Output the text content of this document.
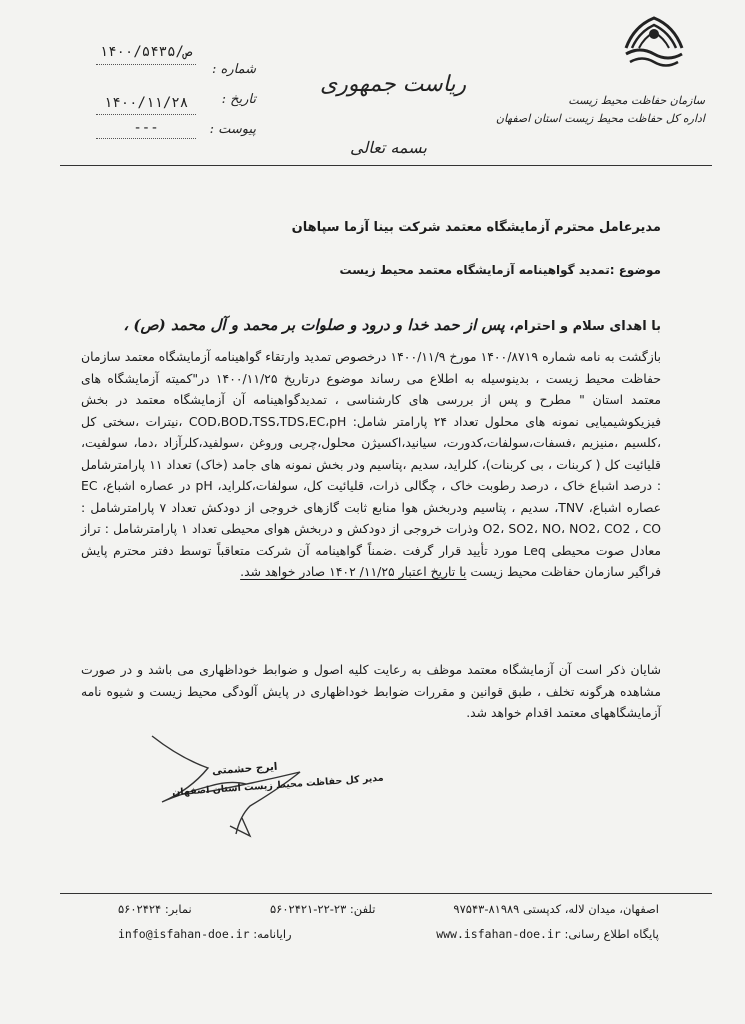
سازمان حفاظت محیط زیست
اداره کل حفاظت محیط زیست استان اصفهان
ریاست جمهوری
بسمه تعالی
شماره :
ص/۱۴۰۰/۵۴۳۵
تاریخ :
۱۴۰۰/۱۱/۲۸
پیوست :
---
مدیرعامل محترم آزمایشگاه معتمد شرکت بینا آزما سپاهان
موضوع :تمدید گواهینامه آزمایشگاه معتمد محیط زیست
با اهدای سلام و احترام، پس از حمد خدا و درود و صلوات بر محمد و آل محمد (ص) ،
بازگشت به نامه شماره ۱۴۰۰/۸۷۱۹ مورخ ۱۴۰۰/۱۱/۹ درخصوص تمدید وارتقاء گواهینامه آزمایشگاه معتمد سازمان حفاظت محیط زیست ، بدینوسیله به اطلاع می رساند موضوع درتاریخ ۱۴۰۰/۱۱/۲۵ در"کمیته آزمایشگاه های معتمد استان " مطرح و پس از بررسی های کارشناسی ، تمدیدگواهینامه آن آزمایشگاه معتمد در بخش فیزیکوشیمیایی نمونه های محلول تعداد ۲۴ پارامتر شامل: COD،BOD،TSS،TDS،EC،pH ،نیترات ،سختی کل ،کلسیم ،منیزیم ،فسفات،سولفات،کدورت، سیانید،اکسیژن محلول،چربی وروغن ،سولفید،کلرآزاد ،دما، سولفیت، قلیائیت کل ( کربنات ، بی کربنات)، کلراید، سدیم ،پتاسیم ودر بخش نمونه های جامد (خاک) تعداد ۱۱ پارامترشامل : درصد اشباع خاک ، درصد رطوبت خاک ، چگالی ذرات، قلیائیت کل، سولفات،کلراید، pH در عصاره اشباع، EC عصاره اشباع، TNV، سدیم ، پتاسیم ودربخش هوا منابع ثابت گازهای خروجی از دودکش تعداد ۷ پارامترشامل : O2، SO2، NO، NO2، CO2 ، CO وذرات خروجی از دودکش و دربخش هوای محیطی تعداد ۱ پارامترشامل : تراز معادل صوت محیطی Leq مورد تأیید قرار گرفت .ضمناً گواهینامه آن شرکت متعاقباً توسط دفتر محترم پایش فراگیر سازمان حفاظت محیط زیست با تاریخ اعتبار ۱۱/۲۵/ ۱۴۰۲ صادر خواهد شد.
شایان ذکر است آن آزمایشگاه معتمد موظف به رعایت کلیه اصول و ضوابط خوداظهاری می باشد و در صورت مشاهده هرگونه تخلف ، طبق قوانین و مقررات ضوابط خوداظهاری در پایش آلودگی محیط زیست و شیوه نامه آزمایشگاههای معتمد اقدام خواهد شد.
ایرج حشمتی
مدیر کل حفاظت محیط زیست استان اصفهان
اصفهان، میدان لاله، کدپستی ۸۱۹۸۹-۹۷۵۴۳
تلفن: ۲۳-۲۲-۵۶۰۲۴۲۱
نمابر: ۵۶۰۲۴۲۴
پایگاه اطلاع رسانی: www.isfahan-doe.ir
رایانامه: info@isfahan-doe.ir
